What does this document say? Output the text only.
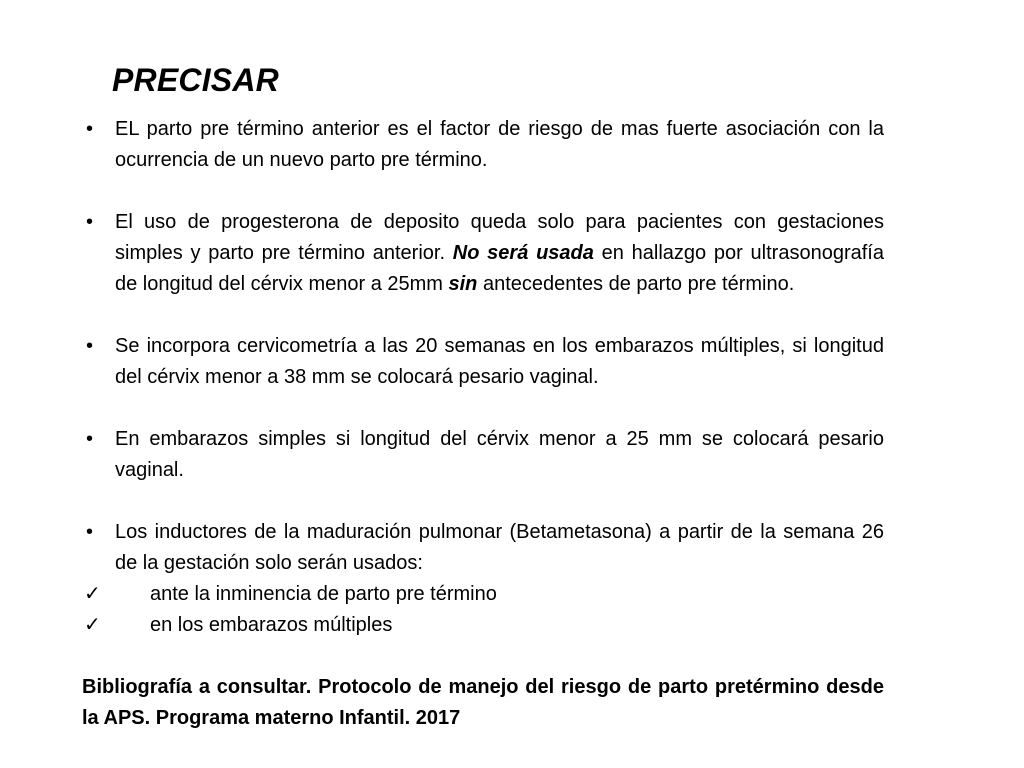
PRECISAR

• EL parto pre término anterior es el factor de riesgo de mas fuerte asociación con la ocurrencia de un nuevo parto pre término.

• El uso de progesterona de deposito queda solo para pacientes con gestaciones simples y parto pre término anterior. No será usada en hallazgo por ultrasonografía de longitud del cérvix menor a 25mm sin antecedentes de parto pre término.

• Se incorpora cervicometría a las 20 semanas en los embarazos múltiples, si longitud del cérvix menor a 38 mm se colocará pesario vaginal.

• En embarazos simples si longitud del cérvix menor a 25 mm se colocará pesario vaginal.

• Los inductores de la maduración pulmonar (Betametasona) a partir de la semana 26 de la gestación solo serán usados:

✓ ante la inminencia de parto pre término

✓ en los embarazos múltiples

Bibliografía a consultar. Protocolo de manejo del riesgo de parto pretérmino desde la APS. Programa materno Infantil. 2017
